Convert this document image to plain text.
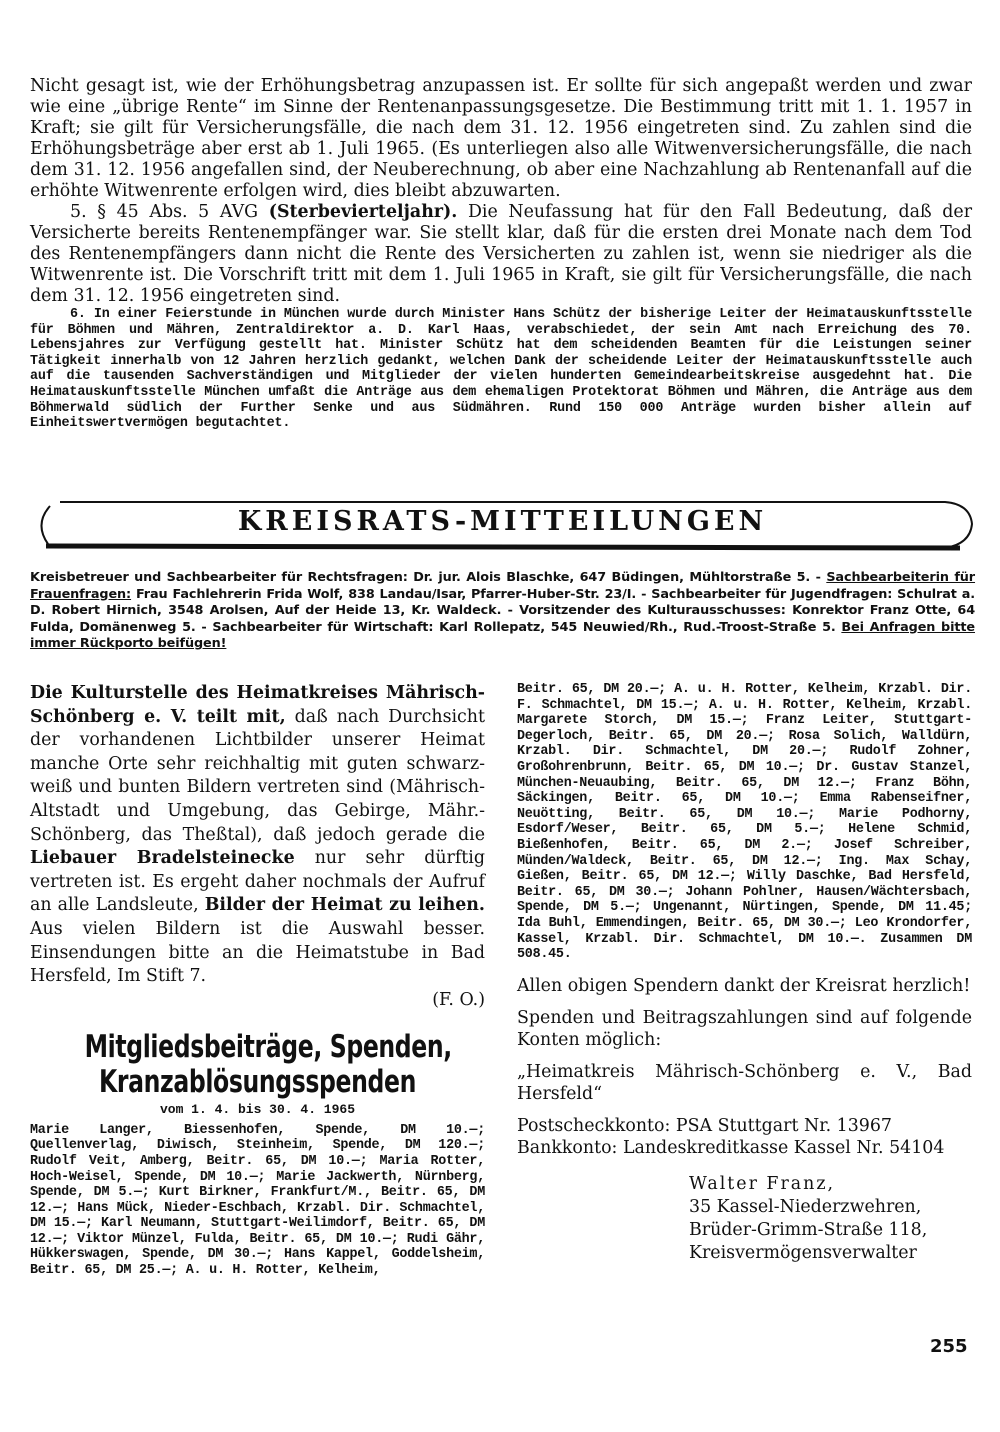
Nicht gesagt ist, wie der Erhöhungsbetrag anzupassen ist. Er sollte für sich angepaßt werden und zwar wie eine „übrige Rente“ im Sinne der Rentenanpassungsgesetze. Die Bestimmung tritt mit 1. 1. 1957 in Kraft; sie gilt für Versicherungsfälle, die nach dem 31. 12. 1956 eingetreten sind. Zu zahlen sind die Erhöhungsbeträge aber erst ab 1. Juli 1965. (Es unterliegen also alle Witwenversicherungsfälle, die nach dem 31. 12. 1956 angefallen sind, der Neuberechnung, ob aber eine Nachzahlung ab Rentenanfall auf die erhöhte Witwenrente erfolgen wird, dies bleibt abzuwarten.

5. § 45 Abs. 5 AVG (Sterbevierteljahr). Die Neufassung hat für den Fall Bedeutung, daß der Versicherte bereits Rentenempfänger war. Sie stellt klar, daß für die ersten drei Monate nach dem Tod des Rentenempfängers dann nicht die Rente des Versicherten zu zahlen ist, wenn sie niedriger als die Witwenrente ist. Die Vorschrift tritt mit dem 1. Juli 1965 in Kraft, sie gilt für Versicherungsfälle, die nach dem 31. 12. 1956 eingetreten sind.

6. In einer Feierstunde in München wurde durch Minister Hans Schütz der bisherige Leiter der Heimatauskunftsstelle für Böhmen und Mähren, Zentraldirektor a. D. Karl Haas, verabschiedet, der sein Amt nach Erreichung des 70. Lebensjahres zur Verfügung gestellt hat. Minister Schütz hat dem scheidenden Beamten für die Leistungen seiner Tätigkeit innerhalb von 12 Jahren herzlich gedankt, welchen Dank der scheidende Leiter der Heimatauskunftsstelle auch auf die tausenden Sachverständigen und Mitglieder der vielen hunderten Gemeindearbeitskreise ausgedehnt hat. Die Heimatauskunftsstelle München umfaßt die Anträge aus dem ehemaligen Protektorat Böhmen und Mähren, die Anträge aus dem Böhmerwald südlich der Further Senke und aus Südmähren. Rund 150 000 Anträge wurden bisher allein auf Einheitswertvermögen begutachtet.

KREISRATS-MITTEILUNGEN
Kreisbetreuer und Sachbearbeiter für Rechtsfragen: Dr. jur. Alois Blaschke, 647 Büdingen, Mühltorstraße 5. - Sachbearbeiterin für Frauenfragen: Frau Fachlehrerin Frida Wolf, 838 Landau/Isar, Pfarrer-Huber-Str. 23/I. - Sachbearbeiter für Jugendfragen: Schulrat a. D. Robert Hirnich, 3548 Arolsen, Auf der Heide 13, Kr. Waldeck. - Vorsitzender des Kulturausschusses: Konrektor Franz Otte, 64 Fulda, Domänenweg 5. - Sachbearbeiter für Wirtschaft: Karl Rollepatz, 545 Neuwied/Rh., Rud.-Troost-Straße 5. Bei Anfragen bitte immer Rückporto beifügen!

Die Kulturstelle des Heimatkreises Mährisch-Schönberg e. V. teilt mit, daß nach Durchsicht der vorhandenen Lichtbilder unserer Heimat manche Orte sehr reichhaltig mit guten schwarz-weiß und bunten Bildern vertreten sind (Mährisch-Altstadt und Umgebung, das Gebirge, Mähr.-Schönberg, das Theßtal), daß jedoch gerade die Liebauer Bradelsteinecke nur sehr dürftig vertreten ist. Es ergeht daher nochmals der Aufruf an alle Landsleute, Bilder der Heimat zu leihen. Aus vielen Bildern ist die Auswahl besser. Einsendungen bitte an die Heimatstube in Bad Hersfeld, Im Stift 7.

(F. O.)

Mitgliedsbeiträge, Spenden,

Kranzablösungsspenden

vom 1. 4. bis 30. 4. 1965

Marie Langer, Biessenhofen, Spende, DM 10.—; Quellenverlag, Diwisch, Steinheim, Spende, DM 120.—; Rudolf Veit, Amberg, Beitr. 65, DM 10.—; Maria Rotter, Hoch-Weisel, Spende, DM 10.—; Marie Jackwerth, Nürnberg, Spende, DM 5.—; Kurt Birkner, Frankfurt/M., Beitr. 65, DM 12.—; Hans Mück, Nieder-Eschbach, Krzabl. Dir. Schmachtel, DM 15.—; Karl Neumann, Stuttgart-Weilimdorf, Beitr. 65, DM 12.—; Viktor Münzel, Fulda, Beitr. 65, DM 10.—; Rudi Gähr, Hükkerswagen, Spende, DM 30.—; Hans Kappel, Goddelsheim, Beitr. 65, DM 25.—; A. u. H. Rotter, Kelheim,

Beitr. 65, DM 20.—; A. u. H. Rotter, Kelheim, Krzabl. Dir. F. Schmachtel, DM 15.—; A. u. H. Rotter, Kelheim, Krzabl. Margarete Storch, DM 15.—; Franz Leiter, Stuttgart-Degerloch, Beitr. 65, DM 20.—; Rosa Solich, Walldürn, Krzabl. Dir. Schmachtel, DM 20.—; Rudolf Zohner, Großohrenbrunn, Beitr. 65, DM 10.—; Dr. Gustav Stanzel, München-Neuaubing, Beitr. 65, DM 12.—; Franz Böhn, Säckingen, Beitr. 65, DM 10.—; Emma Rabenseifner, Neuötting, Beitr. 65, DM 10.—; Marie Podhorny, Esdorf/Weser, Beitr. 65, DM 5.—; Helene Schmid, Bießenhofen, Beitr. 65, DM 2.—; Josef Schreiber, Münden/Waldeck, Beitr. 65, DM 12.—; Ing. Max Schay, Gießen, Beitr. 65, DM 12.—; Willy Daschke, Bad Hersfeld, Beitr. 65, DM 30.—; Johann Pohlner, Hausen/Wächtersbach, Spende, DM 5.—; Ungenannt, Nürtingen, Spende, DM 11.45; Ida Buhl, Emmendingen, Beitr. 65, DM 30.—; Leo Krondorfer, Kassel, Krzabl. Dir. Schmachtel, DM 10.—. Zusammen DM 508.45.

Allen obigen Spendern dankt der Kreisrat herzlich!

Spenden und Beitragszahlungen sind auf folgende Konten möglich:

„Heimatkreis Mährisch-Schönberg e. V., Bad Hersfeld“

Postscheckkonto: PSA Stuttgart Nr. 13967

Bankkonto: Landeskreditkasse Kassel Nr. 54104

Walter Franz,

35 Kassel-Niederzwehren,

Brüder-Grimm-Straße 118,

Kreisvermögensverwalter

255
